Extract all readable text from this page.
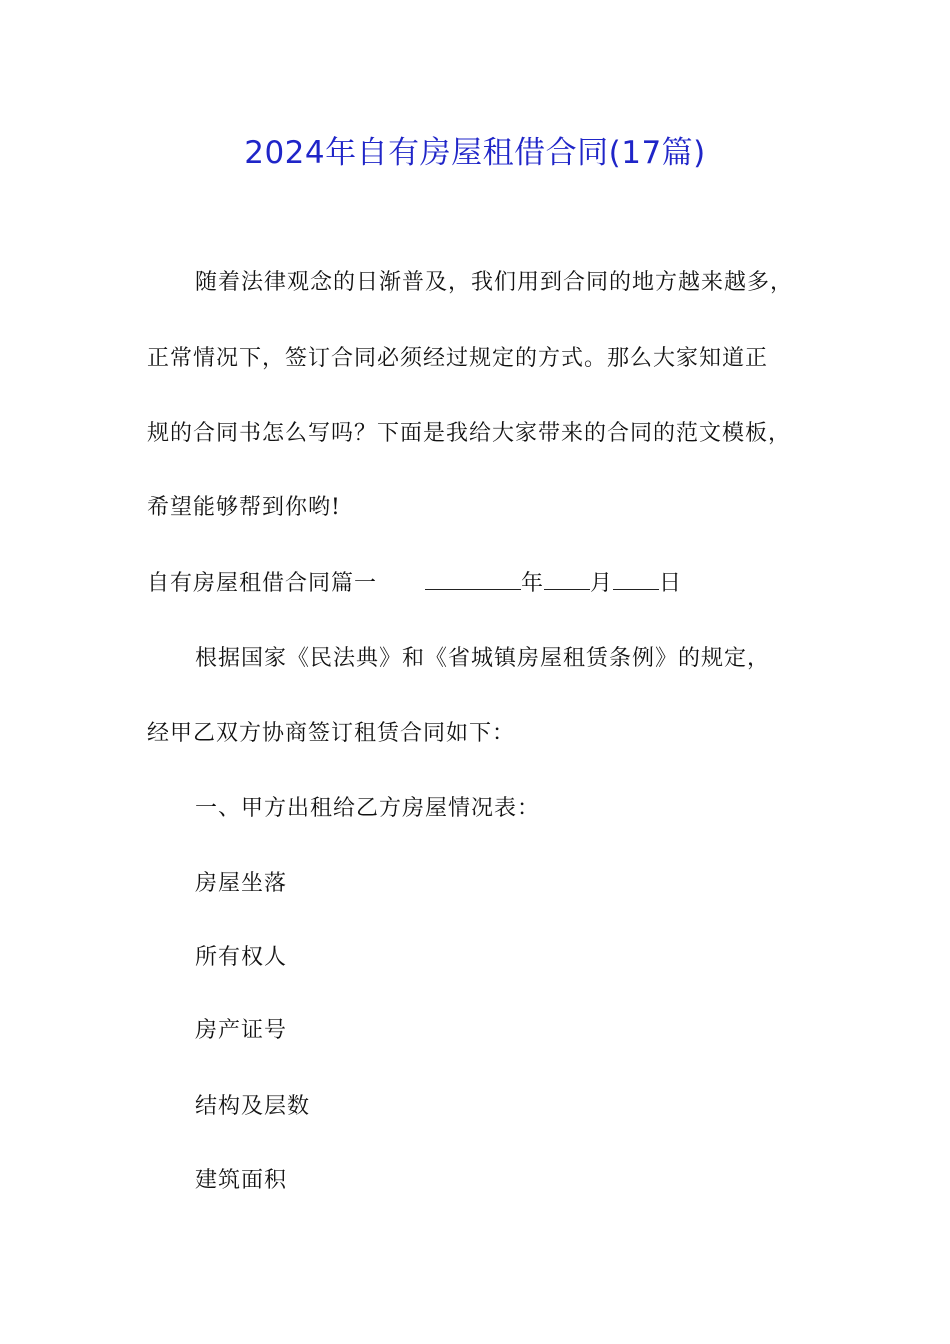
2024年自有房屋租借合同(17篇)
随着法律观念的日渐普及，我们用到合同的地方越来越多，
正常情况下，签订合同必须经过规定的方式。那么大家知道正
规的合同书怎么写吗？下面是我给大家带来的合同的范文模板，
希望能够帮到你哟!
自有房屋租借合同篇一	年 月 日
根据国家《民法典》和《省城镇房屋租赁条例》的规定，
经甲乙双方协商签订租赁合同如下：
一、甲方出租给乙方房屋情况表：
房屋坐落
所有权人
房产证号
结构及层数
建筑面积
